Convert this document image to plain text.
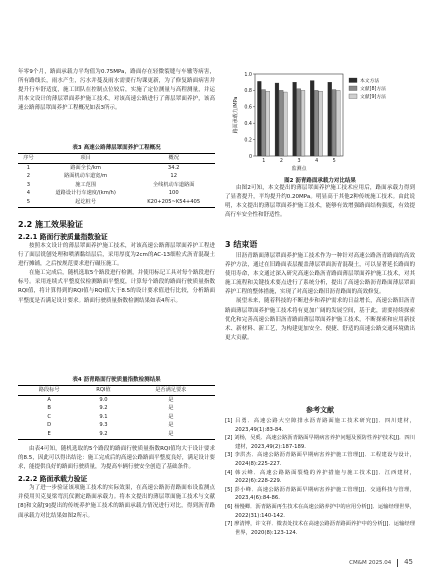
年零9个月，路面承载力平均值为0.75MPa，路面存在轻微裂缝与车辙等病害，所有路线长，雨水产生，污水并蔓及雨水需要行均课更新，为了修复路面病害并提升行车舒适度，施工团队在控制点位较后，实施了定位测量与高程测量，并运用本文设计的薄层罩面养护施工技术，对该高速公路进行了薄层罩面养护，该高速公路薄层罩面养护工程概况如表3所示。

表3 高速公路薄层罩面养护工程概况

序号	项目	概况
1	路面全长/km	34.2
2	路面机动车道宽/m	12
3	施工范围	全线机动车道路面
4	道路设计行车速度/(km/h)	100
5	起讫桩号	K20+205~K54+405

2.2 施工效果验证

2.2.1 路面行驶质量指数验证

按照本文设计的薄层罩面养护施工技术，对该高速公路薄层罩面养护工程进行了面层铣刨处理和喷洒黏结层后，采用厚度为2cm的AC-13细粒式沥青混凝土进行摊铺，之后按规范要求进行碾压施工。

在施工完成后，随机选取5个路段进行检测，并使用标记工具对每个路段进行标号。采用连续式平整度仪检测路面平整度，计算每个路段的路面行驶质量指数RQI值，将计算得到的RQI值与RQI值大于8.5的设计要求值进行比较，分析路面平整度是否满足设计要求。路面行驶质量指数检测结果如表4所示。

表4 沥青路面行驶质量指数检测结果

路段标号	RQI值	是否满足要求
A	9.0	是
B	9.2	是
C	9.1	是
D	9.3	是
E	9.2	是

由表4可知，随机选取的5个路段的路面行驶质量指数RQI值均大于设计要求的8.5，因此可以得出结论：施工完成后的高速公路路面平整度良好，满足设计要求，能提供良好的路面行驶质量，为提高车辆行驶安全创造了基础条件。

2.2.2 路面承载力验证

为了进一步验证该项施工技术的实际效果，在高速公路沥青路面布设监测点并使用贝克曼梁弯沉仪测定路面承载力。将本文提出的薄层罩面施工技术与文献[8]和文献[9]提出的传统养护施工技术的路面承载力情况进行对比，得到沥青路面承载力对比结果如图2所示。

0
0.2
0.4
0.6
0.8
1.0
路面承载力/MPa
监测点
1	2	3	4	5
本文方法
文献[8]方法
文献[9]方法

图2 沥青路面承载力对比结果

由图2可知，本文提出的薄层罩面养护施工技术应用后，路面承载力得到了显著提升，平均提升约0.20MPa。明显高于其他2种传统施工技术。由此说明，本文提出的薄层罩面养护施工技术，能够有效增强路面结构强度，有效提高行车安全性和舒适性。

3 结束语

旧沥青路面薄层罩面养护施工技术作为一种针对高速公路沥青路面的高效养护方法，通过在旧路面表层覆盖薄层罩面沥青混凝土，可以显著延长路面的使用寿命，本文通过深入研究高速公路沥青路面薄层罩面养护施工技术，对其施工流程和关键技术要点进行了系统分析，提出了高速公路沥青路面薄层罩面养护工程的整体措施，实现了对高速公路旧沥青路面的高效修复。

展望未来，随着科技的不断进步和养护需求的日益增长，高速公路旧沥青路面薄层罩面养护施工技术将有更加广阔的发展空间，基于此，需要持续探索优化和完善高速公路旧沥青路面薄层罩面养护施工技术，不断探索和应用新技术、新材料、新工艺，为构建更加安全、便捷、舒适的高速公路交通环境做出更大贡献。

参考文献

[1] 吕勇．高速公路大空隙排水沥青路面施工技术研究[J]．四川建材，2023,49(1):83-84.

[2] 刘杨，吴奚．高速公路沥青路面早期病害养护问题及预防性养护技术[J]．四川建材，2023,49(2):187-189.

[3] 李洪杰．高速公路沥青路面早期病害养护施工管理[J]．工程建设与设计，2024(8):225-227.

[4] 韩云峰．高速公路路面裂缝的养护措施与施工技术[J]．江西建材，2022(6):228-229.

[5] 彭小峰．高速公路沥青路面早期病害养护施工管理[J]．交通科技与管理，2023,4(6):84-86.

[6] 杨慢卿．沥青路面再生技术在高速公路养护中的应用分析[J]．运输经理世界，2022(31):140-142.

[7] 廖清博，许文祥．微表处技术在高速公路沥青路面养护中的分析[J]．运输经理世界，2020(8):123-124.

CM&M 2025.04 45
